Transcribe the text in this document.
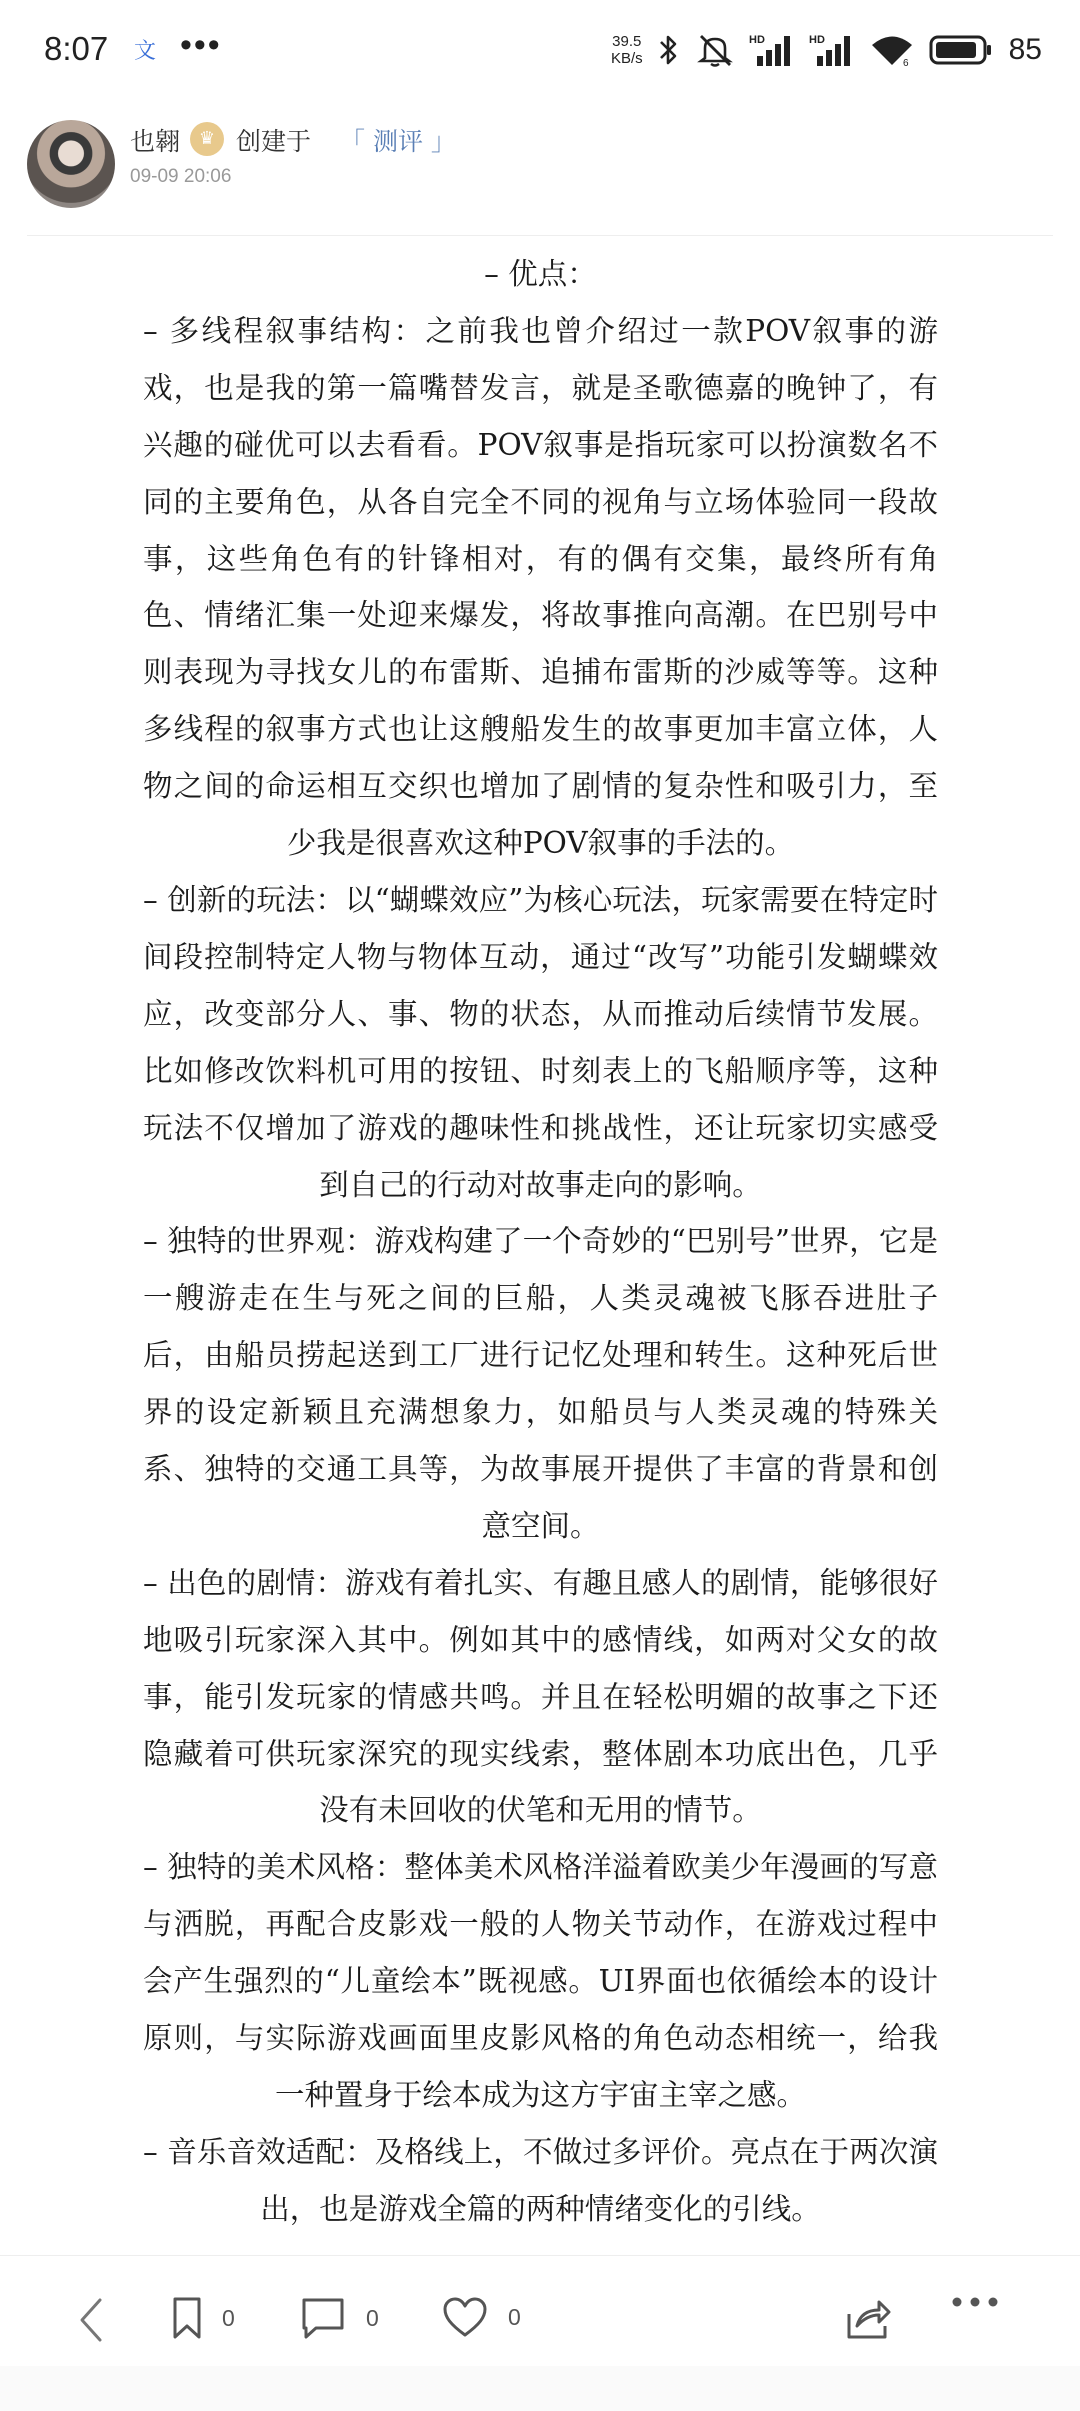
8:07 文 •••	39.5
KB/s
HD	HD
6	85
也翱	♛ 创建于 「 测评 」
09-09 20:06

– 优点：

– 多线程叙事结构：之前我也曾介绍过一款POV叙事的游戏，也是我的第一篇嘴替发言，就是圣歌德嘉的晚钟了，有兴趣的碰优可以去看看。POV叙事是指玩家可以扮演数名不同的主要角色，从各自完全不同的视角与立场体验同一段故事，这些角色有的针锋相对，有的偶有交集，最终所有角色、情绪汇集一处迎来爆发，将故事推向高潮。在巴别号中则表现为寻找女儿的布雷斯、追捕布雷斯的沙威等等。这种多线程的叙事方式也让这艘船发生的故事更加丰富立体，人物之间的命运相互交织也增加了剧情的复杂性和吸引力，至少我是很喜欢这种POV叙事的手法的。

– 创新的玩法：以“蝴蝶效应”为核心玩法，玩家需要在特定时间段控制特定人物与物体互动，通过“改写”功能引发蝴蝶效应，改变部分人、事、物的状态，从而推动后续情节发展。比如修改饮料机可用的按钮、时刻表上的飞船顺序等，这种玩法不仅增加了游戏的趣味性和挑战性，还让玩家切实感受到自己的行动对故事走向的影响。

– 独特的世界观：游戏构建了一个奇妙的“巴别号”世界，它是一艘游走在生与死之间的巨船，人类灵魂被飞豚吞进肚子后，由船员捞起送到工厂进行记忆处理和转生。这种死后世界的设定新颖且充满想象力，如船员与人类灵魂的特殊关系、独特的交通工具等，为故事展开提供了丰富的背景和创意空间。

– 出色的剧情：游戏有着扎实、有趣且感人的剧情，能够很好地吸引玩家深入其中。例如其中的感情线，如两对父女的故事，能引发玩家的情感共鸣。并且在轻松明媚的故事之下还隐藏着可供玩家深究的现实线索，整体剧本功底出色，几乎没有未回收的伏笔和无用的情节。

– 独特的美术风格：整体美术风格洋溢着欧美少年漫画的写意与洒脱，再配合皮影戏一般的人物关节动作，在游戏过程中会产生强烈的“儿童绘本”既视感。UI界面也依循绘本的设计原则，与实际游戏画面里皮影风格的角色动态相统一，给我一种置身于绘本成为这方宇宙主宰之感。

– 音乐音效适配：及格线上，不做过多评价。亮点在于两次演出，也是游戏全篇的两种情绪变化的引线。

0	0	0
